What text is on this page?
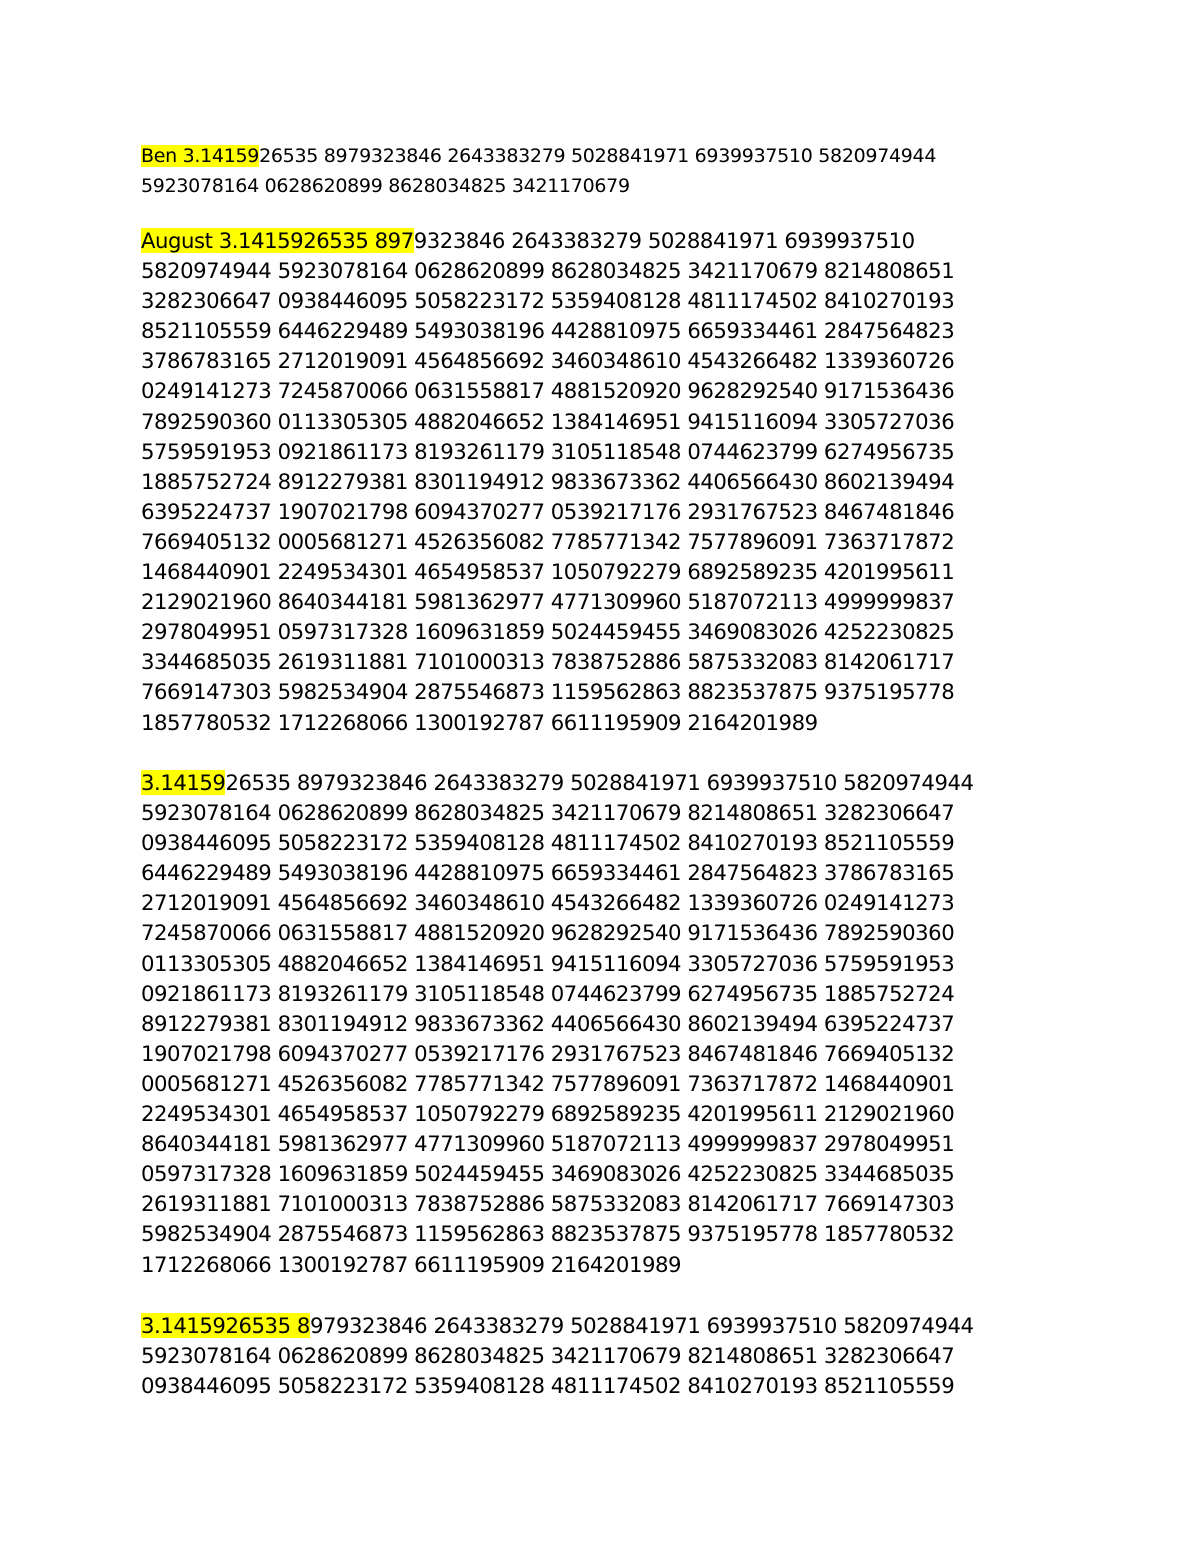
Ben 3.1415926535 8979323846 2643383279 5028841971 6939937510 5820974944
5923078164 0628620899 8628034825 3421170679

August 3.1415926535 8979323846 2643383279 5028841971 6939937510
5820974944 5923078164 0628620899 8628034825 3421170679 8214808651
3282306647 0938446095 5058223172 5359408128 4811174502 8410270193
8521105559 6446229489 5493038196 4428810975 6659334461 2847564823
3786783165 2712019091 4564856692 3460348610 4543266482 1339360726
0249141273 7245870066 0631558817 4881520920 9628292540 9171536436
7892590360 0113305305 4882046652 1384146951 9415116094 3305727036
5759591953 0921861173 8193261179 3105118548 0744623799 6274956735
1885752724 8912279381 8301194912 9833673362 4406566430 8602139494
6395224737 1907021798 6094370277 0539217176 2931767523 8467481846
7669405132 0005681271 4526356082 7785771342 7577896091 7363717872
1468440901 2249534301 4654958537 1050792279 6892589235 4201995611
2129021960 8640344181 5981362977 4771309960 5187072113 4999999837
2978049951 0597317328 1609631859 5024459455 3469083026 4252230825
3344685035 2619311881 7101000313 7838752886 5875332083 8142061717
7669147303 5982534904 2875546873 1159562863 8823537875 9375195778
1857780532 1712268066 1300192787 6611195909 2164201989

3.1415926535 8979323846 2643383279 5028841971 6939937510 5820974944
5923078164 0628620899 8628034825 3421170679 8214808651 3282306647
0938446095 5058223172 5359408128 4811174502 8410270193 8521105559
6446229489 5493038196 4428810975 6659334461 2847564823 3786783165
2712019091 4564856692 3460348610 4543266482 1339360726 0249141273
7245870066 0631558817 4881520920 9628292540 9171536436 7892590360
0113305305 4882046652 1384146951 9415116094 3305727036 5759591953
0921861173 8193261179 3105118548 0744623799 6274956735 1885752724
8912279381 8301194912 9833673362 4406566430 8602139494 6395224737
1907021798 6094370277 0539217176 2931767523 8467481846 7669405132
0005681271 4526356082 7785771342 7577896091 7363717872 1468440901
2249534301 4654958537 1050792279 6892589235 4201995611 2129021960
8640344181 5981362977 4771309960 5187072113 4999999837 2978049951
0597317328 1609631859 5024459455 3469083026 4252230825 3344685035
2619311881 7101000313 7838752886 5875332083 8142061717 7669147303
5982534904 2875546873 1159562863 8823537875 9375195778 1857780532
1712268066 1300192787 6611195909 2164201989

3.1415926535 8979323846 2643383279 5028841971 6939937510 5820974944
5923078164 0628620899 8628034825 3421170679 8214808651 3282306647
0938446095 5058223172 5359408128 4811174502 8410270193 8521105559
